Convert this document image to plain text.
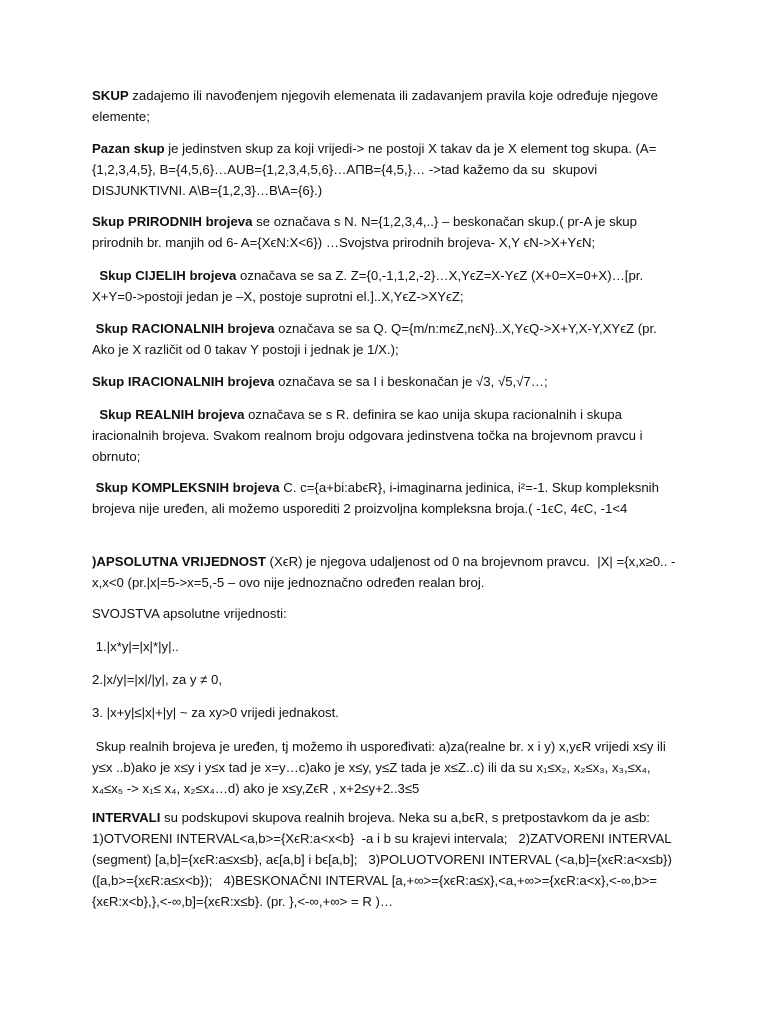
SKUP zadajemo ili navođenjem njegovih elemenata ili zadavanjem pravila koje određuje njegove elemente;
Pazan skup je jedinstven skup za koji vrijedi-> ne postoji X takav da je X element tog skupa. (A={1,2,3,4,5}, B={4,5,6}…AUB={1,2,3,4,5,6}…AΠB={4,5,}… ->tad kažemo da su  skupovi DISJUNKTIVNI. A\B={1,2,3}…B\A={6}.)
Skup PRIRODNIH brojeva se označava s N. N={1,2,3,4,..} – beskonačan skup.( pr-A je skup prirodnih br. manjih od 6- A={XϵN:X<6}) …Svojstva prirodnih brojeva- X,Y ϵN->X+YϵN;
Skup CIJELIH brojeva označava se sa Z. Z={0,-1,1,2,-2}…X,YϵZ=X-YϵZ (X+0=X=0+X)…[pr. X+Y=0->postoji jedan je –X, postoje suprotni el.]..X,YϵZ->XYϵZ;
Skup RACIONALNIH brojeva označava se sa Q. Q={m/n:mϵZ,nϵN}..X,YϵQ->X+Y,X-Y,XYϵZ (pr. Ako je X različit od 0 takav Y postoji i jednak je 1/X.);
Skup IRACIONALNIH brojeva označava se sa I i beskonačan je √3, √5,√7…;
Skup REALNIH brojeva označava se s R. definira se kao unija skupa racionalnih i skupa iracionalnih brojeva. Svakom realnom broju odgovara jedinstvena točka na brojevnom pravcu i obrnuto;
Skup KOMPLEKSNIH brojeva C. c={a+bi:abϵR}, i-imaginarna jedinica, i²=-1. Skup kompleksnih brojeva nije uređen, ali možemo usporediti 2 proizvoljna kompleksna broja.( -1ϵC, 4ϵC, -1<4
)APSOLUTNA VRIJEDNOST (XϵR) je njegova udaljenost od 0 na brojevnom pravcu.  |X| ={x,x≥0.. -x,x<0 (pr.|x|=5->x=5,-5 – ovo nije jednoznačno određen realan broj.
SVOJSTVA apsolutne vrijednosti:
1.|x*y|=|x|*|y|..
2.|x/y|=|x|/|y|, za y ≠ 0,
3. |x+y|≤|x|+|y| ~ za xy>0 vrijedi jednakost.
Skup realnih brojeva je uređen, tj možemo ih uspoređivati: a)za(realne br. x i y) x,yϵR vrijedi x≤y ili y≤x ..b)ako je x≤y i y≤x tad je x=y…c)ako je x≤y, y≤Z tada je x≤Z..c) ili da su x₁≤x₂, x₂≤x₃, x₃,≤x₄, x₄≤x₅ -> x₁≤ x₄, x₂≤x₄…d) ako je x≤y,ZϵR , x+2≤y+2..3≤5
INTERVALI su podskupovi skupova realnih brojeva. Neka su a,bϵR, s pretpostavkom da je a≤b: 1)OTVORENI INTERVAL<a,b>={XϵR:a<x<b}  -a i b su krajevi intervala;   2)ZATVORENI INTERVAL (segment) [a,b]={xϵR:a≤x≤b}, aϵ[a,b] i bϵ[a,b];   3)POLUOTVORENI INTERVAL (<a,b]={xϵR:a<x≤b}) ([a,b>={xϵR:a≤x<b});   4)BESKONAČNI INTERVAL [a,+∞>={xϵR:a≤x},<a,+∞>={xϵR:a<x},<-∞,b>={xϵR:x<b},},<-∞,b]={xϵR:x≤b}. (pr. },<-∞,+∞> = R )…
